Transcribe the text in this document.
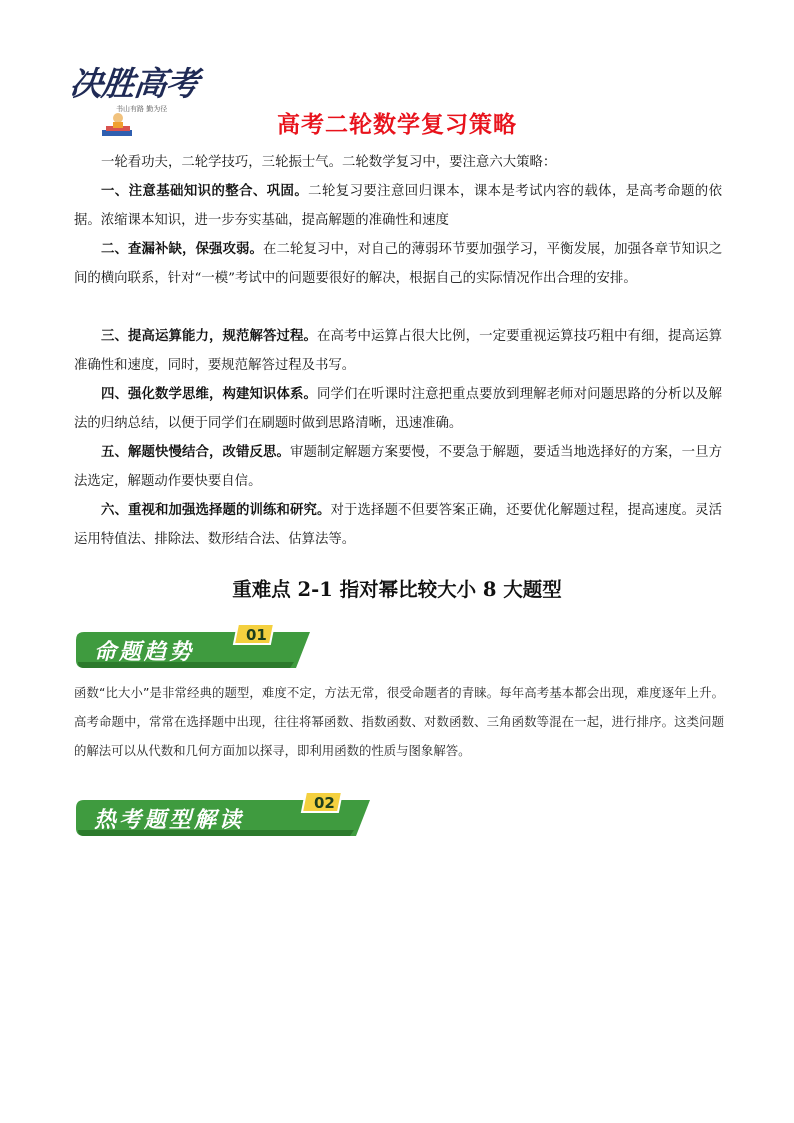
决胜高考
书山有路 勤为径
高考二轮数学复习策略

一轮看功夫，二轮学技巧，三轮振士气。二轮数学复习中，要注意六大策略：

一、注意基础知识的整合、巩固。二轮复习要注意回归课本，课本是考试内容的载体，是高考命题的依据。浓缩课本知识，进一步夯实基础，提高解题的准确性和速度

二、查漏补缺，保强攻弱。在二轮复习中，对自己的薄弱环节要加强学习，平衡发展，加强各章节知识之间的横向联系，针对“一模”考试中的问题要很好的解决，根据自己的实际情况作出合理的安排。

三、提高运算能力，规范解答过程。在高考中运算占很大比例，一定要重视运算技巧粗中有细，提高运算准确性和速度，同时，要规范解答过程及书写。

四、强化数学思维，构建知识体系。同学们在听课时注意把重点要放到理解老师对问题思路的分析以及解法的归纳总结，以便于同学们在刷题时做到思路清晰，迅速准确。

五、解题快慢结合，改错反思。审题制定解题方案要慢，不要急于解题，要适当地选择好的方案，一旦方法选定，解题动作要快要自信。

六、重视和加强选择题的训练和研究。对于选择题不但要答案正确，还要优化解题过程，提高速度。灵活运用特值法、排除法、数形结合法、估算法等。

重难点 2-1 指对幂比较大小 8 大题型
命题趋势
01

函数“比大小”是非常经典的题型，难度不定，方法无常，很受命题者的青睐。每年高考基本都会出现，难度逐年上升。高考命题中，常常在选择题中出现，往往将幂函数、指数函数、对数函数、三角函数等混在一起，进行排序。这类问题的解法可以从代数和几何方面加以探寻，即利用函数的性质与图象解答。

热考题型解读
02
